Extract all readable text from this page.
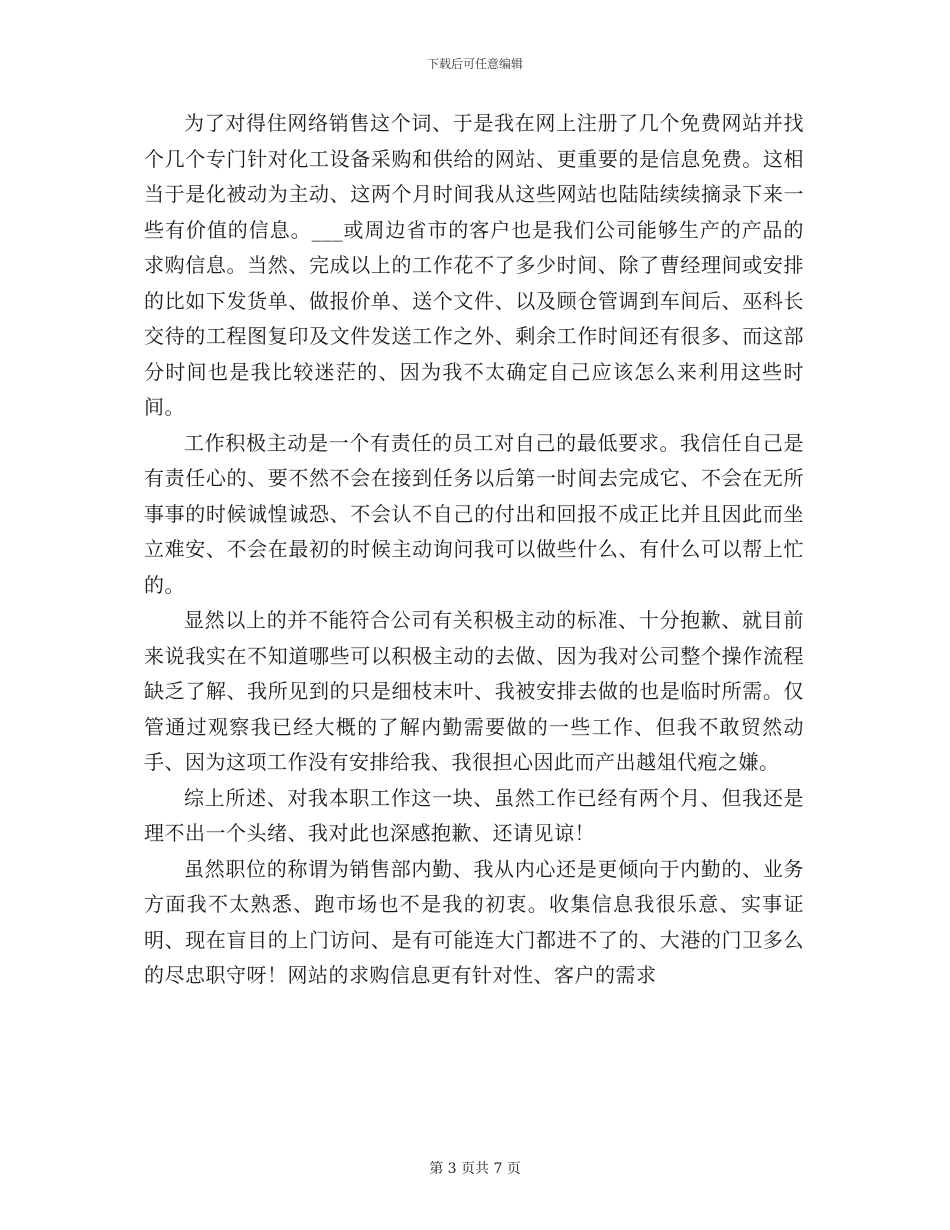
下载后可任意编辑

为了对得住网络销售这个词、于是我在网上注册了几个免费网站并找个几个专门针对化工设备采购和供给的网站、更重要的是信息免费。这相当于是化被动为主动、这两个月时间我从这些网站也陆陆续续摘录下来一些有价值的信息。___或周边省市的客户也是我们公司能够生产的产品的求购信息。当然、完成以上的工作花不了多少时间、除了曹经理间或安排的比如下发货单、做报价单、送个文件、以及顾仓管调到车间后、巫科长交待的工程图复印及文件发送工作之外、剩余工作时间还有很多、而这部分时间也是我比较迷茫的、因为我不太确定自己应该怎么来利用这些时间。

工作积极主动是一个有责任的员工对自己的最低要求。我信任自己是有责任心的、要不然不会在接到任务以后第一时间去完成它、不会在无所事事的时候诚惶诚恐、不会认不自己的付出和回报不成正比并且因此而坐立难安、不会在最初的时候主动询问我可以做些什么、有什么可以帮上忙的。

显然以上的并不能符合公司有关积极主动的标准、十分抱歉、就目前来说我实在不知道哪些可以积极主动的去做、因为我对公司整个操作流程缺乏了解、我所见到的只是细枝末叶、我被安排去做的也是临时所需。仅管通过观察我已经大概的了解内勤需要做的一些工作、但我不敢贸然动手、因为这项工作没有安排给我、我很担心因此而产出越俎代疱之嫌。

综上所述、对我本职工作这一块、虽然工作已经有两个月、但我还是理不出一个头绪、我对此也深感抱歉、还请见谅！

虽然职位的称谓为销售部内勤、我从内心还是更倾向于内勤的、业务方面我不太熟悉、跑市场也不是我的初衷。收集信息我很乐意、实事证明、现在盲目的上门访问、是有可能连大门都进不了的、大港的门卫多么的尽忠职守呀！网站的求购信息更有针对性、客户的需求

第 3 页共 7 页
